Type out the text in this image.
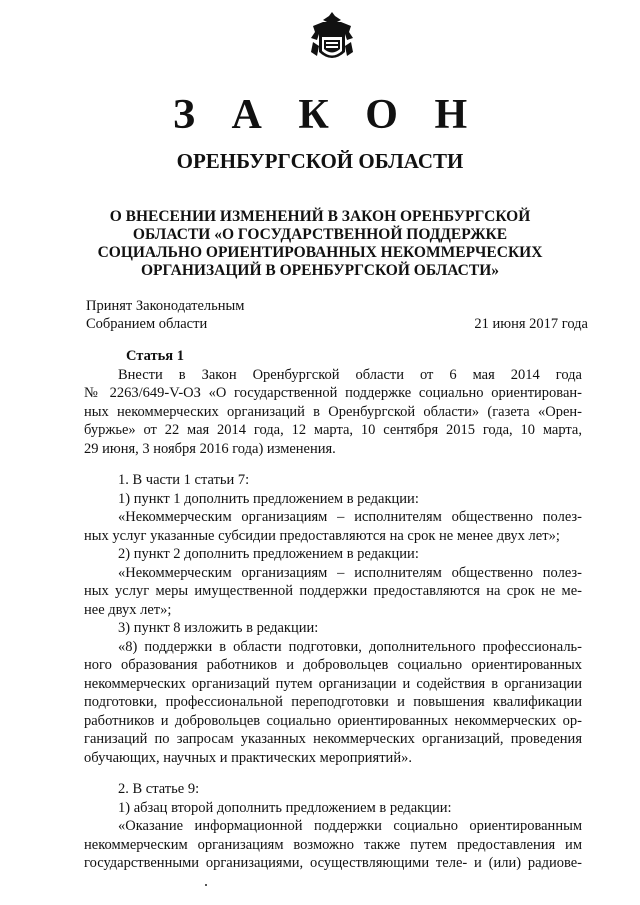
З А К О Н
ОРЕНБУРГСКОЙ ОБЛАСТИ
О ВНЕСЕНИИ ИЗМЕНЕНИЙ В ЗАКОН ОРЕНБУРГСКОЙ
ОБЛАСТИ «О ГОСУДАРСТВЕННОЙ ПОДДЕРЖКЕ
СОЦИАЛЬНО ОРИЕНТИРОВАННЫХ НЕКОММЕРЧЕСКИХ
ОРГАНИЗАЦИЙ В ОРЕНБУРГСКОЙ ОБЛАСТИ»
Принят Законодательным
Собранием области	21 июня 2017 года
Статья 1
Внести в Закон Оренбургской области от 6 мая 2014 года
№ 2263/649-V-ОЗ «О государственной поддержке социально ориентирован-
ных некоммерческих организаций в Оренбургской области» (газета «Орен-
буржье» от 22 мая 2014 года, 12 марта, 10 сентября 2015 года, 10 марта,
29 июня, 3 ноября 2016 года) изменения.
1. В части 1 статьи 7:
1) пункт 1 дополнить предложением в редакции:
«Некоммерческим организациям – исполнителям общественно полез-
ных услуг указанные субсидии предоставляются на срок не менее двух лет»;
2) пункт 2 дополнить предложением в редакции:
«Некоммерческим организациям – исполнителям общественно полез-
ных услуг меры имущественной поддержки предоставляются на срок не ме-
нее двух лет»;
3) пункт 8 изложить в редакции:
«8) поддержки в области подготовки, дополнительного профессиональ-
ного образования работников и добровольцев социально ориентированных
некоммерческих организаций путем организации и содействия в организации
подготовки, профессиональной переподготовки и повышения квалификации
работников и добровольцев социально ориентированных некоммерческих ор-
ганизаций по запросам указанных некоммерческих организаций, проведения
обучающих, научных и практических мероприятий».
2. В статье 9:
1) абзац второй дополнить предложением в редакции:
«Оказание информационной поддержки социально ориентированным
некоммерческим организациям возможно также путем предоставления им
государственными организациями, осуществляющими теле- и (или) радиове-
